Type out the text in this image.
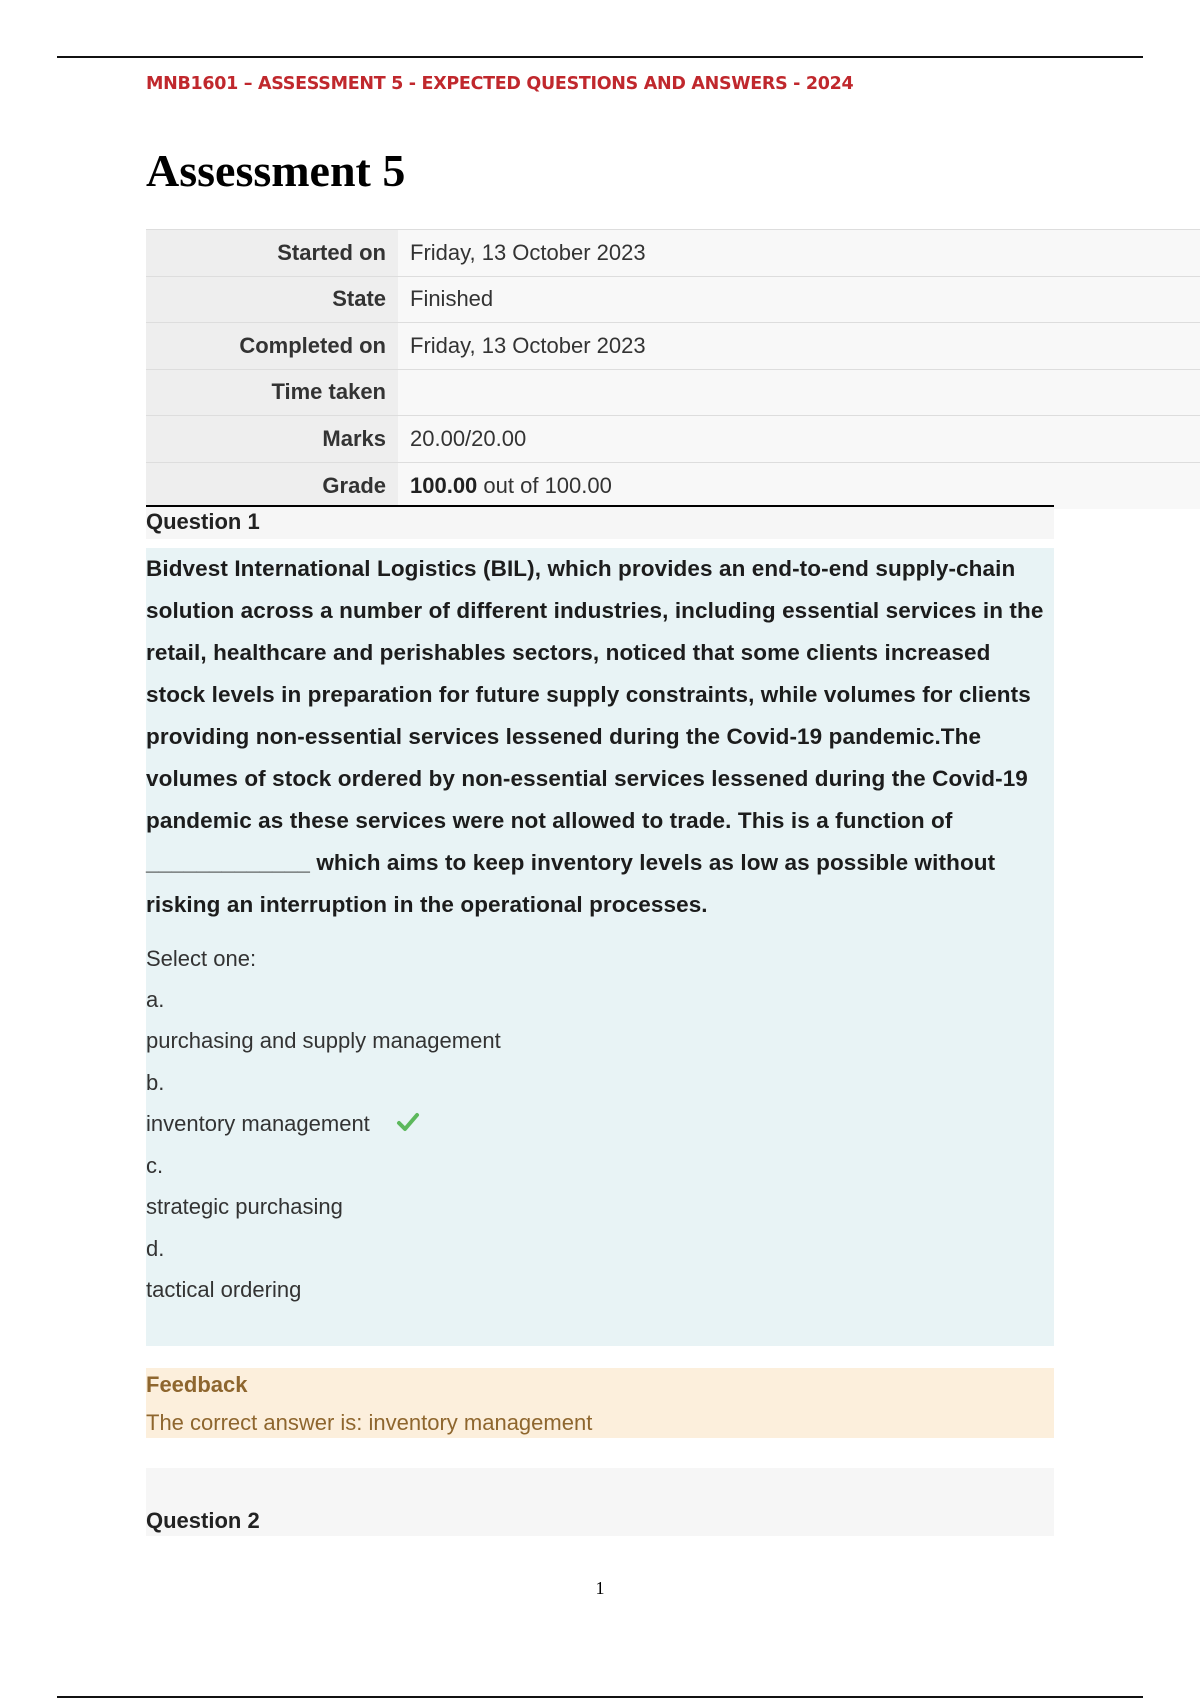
MNB1601 – ASSESSMENT 5 - EXPECTED QUESTIONS AND ANSWERS - 2024
Assessment 5
Started on	Friday, 13 October 2023
State	Finished
Completed on	Friday, 13 October 2023
Time taken	
Marks	20.00/20.00
Grade	100.00 out of 100.00
Question 1

Bidvest International Logistics (BIL), which provides an end-to-end supply-chain solution across a number of different industries, including essential services in the retail, healthcare and perishables sectors, noticed that some clients increased stock levels in preparation for future supply constraints, while volumes for clients providing non-essential services lessened during the Covid-19 pandemic.The volumes of stock ordered by non-essential services lessened during the Covid-19 pandemic as these services were not allowed to trade. This is a function of _____________ which aims to keep inventory levels as low as possible without risking an interruption in the operational processes.

Select one:
a.
purchasing and supply management
b.
inventory management
c.
strategic purchasing
d.
tactical ordering
Feedback
The correct answer is: inventory management
Question 2
1
